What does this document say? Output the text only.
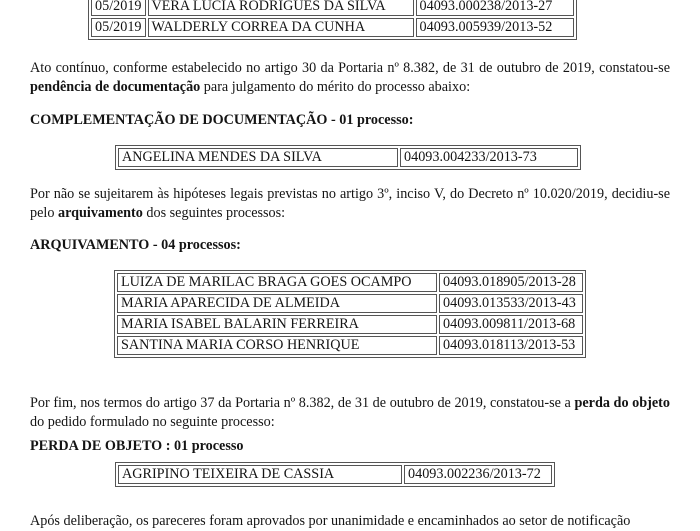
05/2019	VERA LUCIA RODRIGUES DA SILVA	04093.000238/2013-27
05/2019	WALDERLY CORREA DA CUNHA	04093.005939/2013-52
Ato contínuo, conforme estabelecido no artigo 30 da Portaria nº 8.382, de 31 de outubro de 2019, constatou-se pendência de documentação para julgamento do mérito do processo abaixo:
COMPLEMENTAÇÃO DE DOCUMENTAÇÃO - 01 processo:
ANGELINA MENDES DA SILVA	04093.004233/2013-73
Por não se sujeitarem às hipóteses legais previstas no artigo 3º, inciso V, do Decreto nº 10.020/2019, decidiu-se pelo arquivamento dos seguintes processos:
ARQUIVAMENTO - 04 processos:
LUIZA DE MARILAC BRAGA GOES OCAMPO	04093.018905/2013-28
MARIA APARECIDA DE ALMEIDA	04093.013533/2013-43
MARIA ISABEL BALARIN FERREIRA	04093.009811/2013-68
SANTINA MARIA CORSO HENRIQUE	04093.018113/2013-53
Por fim, nos termos do artigo 37 da Portaria nº 8.382, de 31 de outubro de 2019, constatou-se a perda do objeto do pedido formulado no seguinte processo:
PERDA DE OBJETO : 01 processo
AGRIPINO TEIXEIRA DE CASSIA	04093.002236/2013-72
Após deliberação, os pareceres foram aprovados por unanimidade e encaminhados ao setor de notificação
